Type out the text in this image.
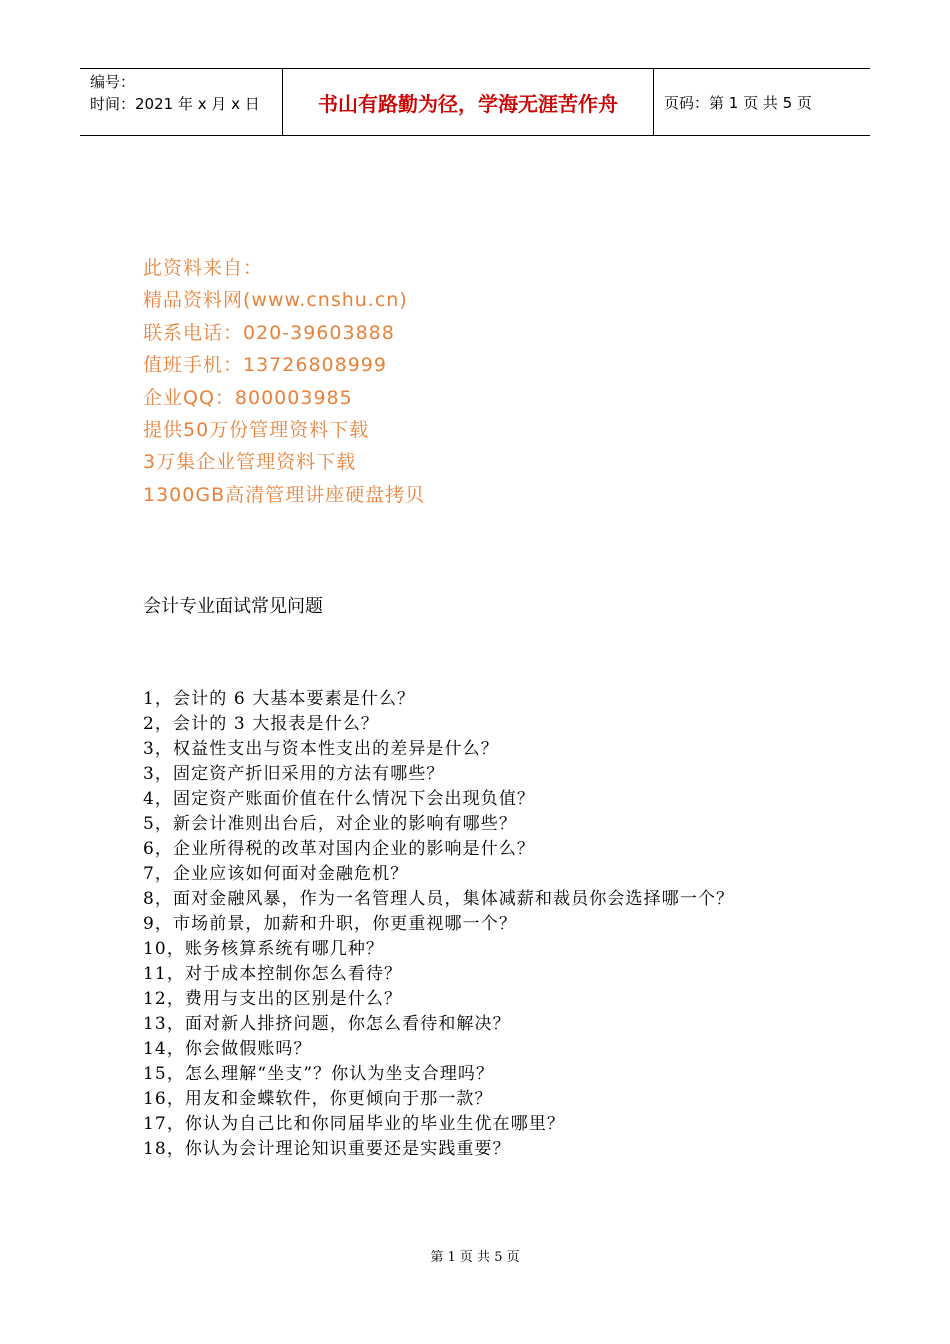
编号：
时间：2021 年 x 月 x 日	书山有路勤为径，学海无涯苦作舟	页码：第 1 页 共 5 页
此资料来自：
精品资料网(www.cnshu.cn)
联系电话：020-39603888
值班手机：13726808999
企业QQ：800003985
提供50万份管理资料下载
3万集企业管理资料下载
1300GB高清管理讲座硬盘拷贝
会计专业面试常见问题
1，会计的 6 大基本要素是什么？
2，会计的 3 大报表是什么？
3，权益性支出与资本性支出的差异是什么？
3，固定资产折旧采用的方法有哪些？
4，固定资产账面价值在什么情况下会出现负值？
5，新会计准则出台后，对企业的影响有哪些？
6，企业所得税的改革对国内企业的影响是什么？
7，企业应该如何面对金融危机？
8，面对金融风暴，作为一名管理人员，集体减薪和裁员你会选择哪一个？
9，市场前景，加薪和升职，你更重视哪一个？
10，账务核算系统有哪几种？
11，对于成本控制你怎么看待？
12，费用与支出的区别是什么？
13，面对新人排挤问题，你怎么看待和解决？
14，你会做假账吗？
15，怎么理解“坐支”？你认为坐支合理吗？
16，用友和金蝶软件，你更倾向于那一款？
17，你认为自己比和你同届毕业的毕业生优在哪里？
18，你认为会计理论知识重要还是实践重要？
第 1 页 共 5 页
